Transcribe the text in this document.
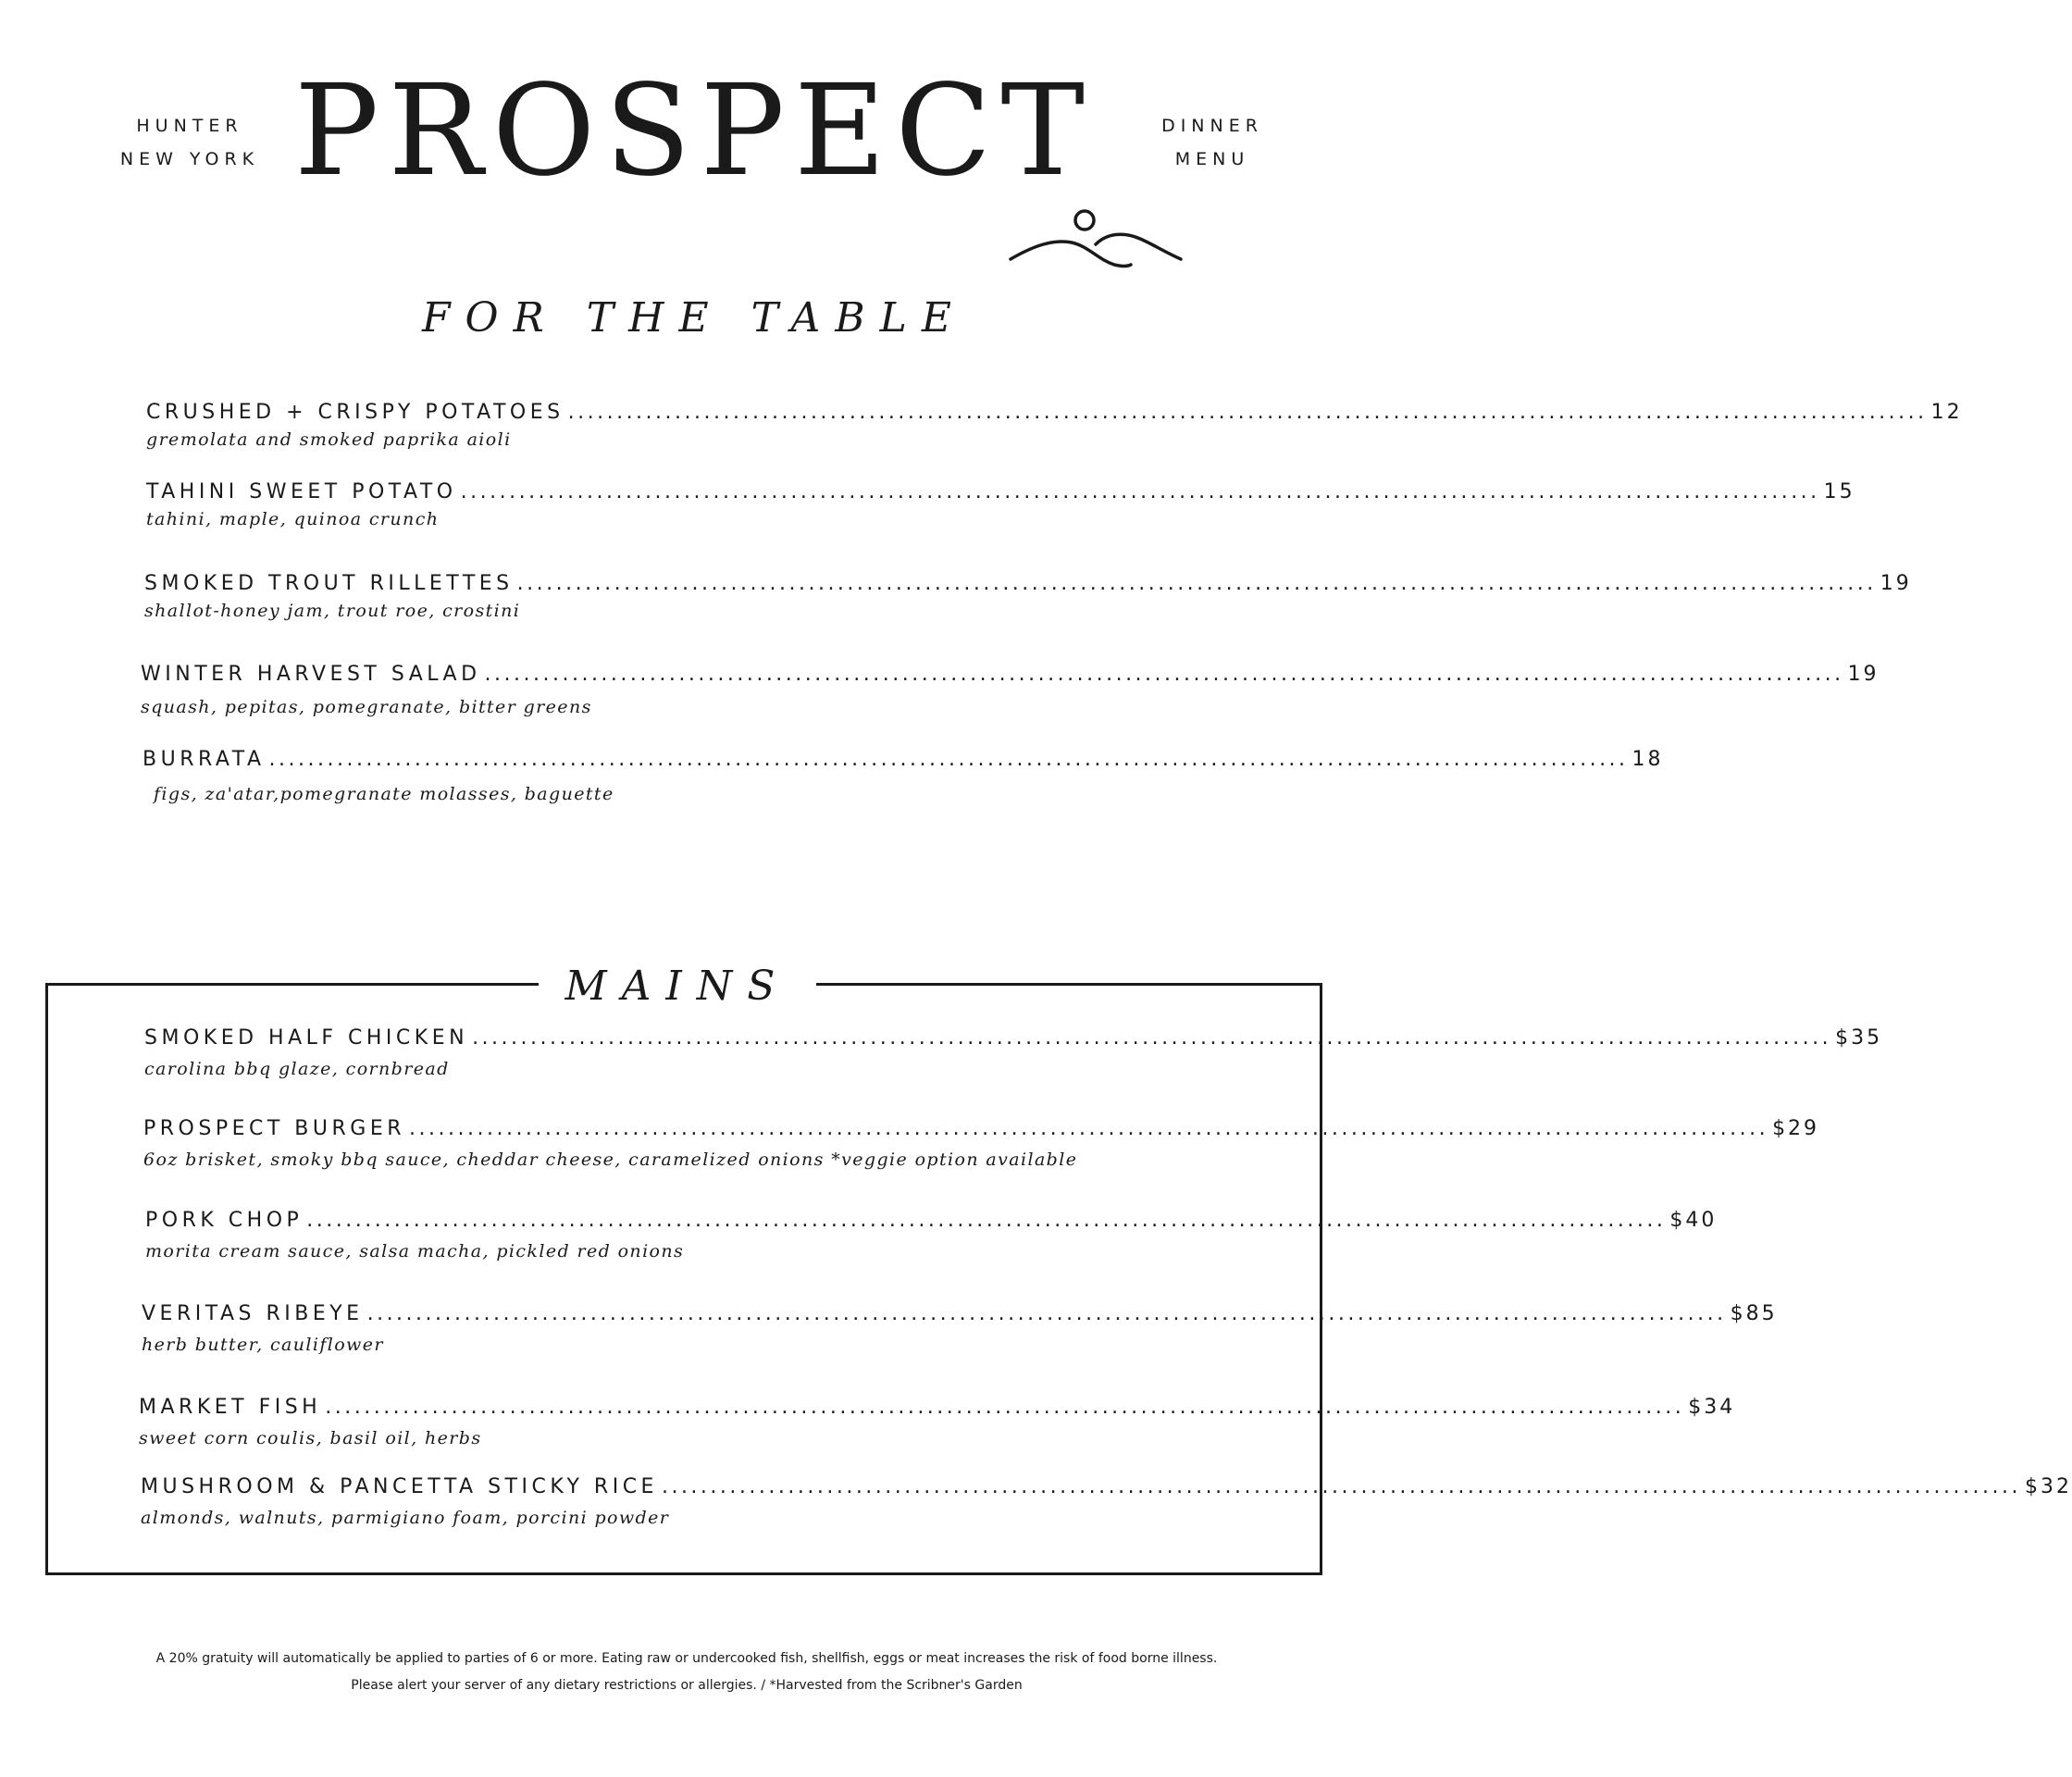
HUNTER
NEW YORK PROSPECT	DINNER
MENU
FOR THE TABLE
CRUSHED + CRISPY POTATOES ............................................................................................................................................ 12
gremolata and smoked paprika aioli
TAHINI SWEET POTATO ............................................................................................................................................ 15
tahini, maple, quinoa crunch
SMOKED TROUT RILLETTES ............................................................................................................................................ 19
shallot-honey jam, trout roe, crostini
WINTER HARVEST SALAD ............................................................................................................................................ 19
squash, pepitas, pomegranate, bitter greens
BURRATA ............................................................................................................................................ 18
figs, za'atar,pomegranate molasses, baguette
MAINS
SMOKED HALF CHICKEN ............................................................................................................................................ $35
carolina bbq glaze, cornbread
PROSPECT BURGER ............................................................................................................................................ $29
6oz brisket, smoky bbq sauce, cheddar cheese, caramelized onions *veggie option available
PORK CHOP ............................................................................................................................................ $40
morita cream sauce, salsa macha, pickled red onions
VERITAS RIBEYE ............................................................................................................................................ $85
herb butter, cauliflower
MARKET FISH ............................................................................................................................................ $34
sweet corn coulis, basil oil, herbs
MUSHROOM & PANCETTA STICKY RICE ............................................................................................................................................ $32
almonds, walnuts, parmigiano foam, porcini powder
A 20% gratuity will automatically be applied to parties of 6 or more. Eating raw or undercooked fish, shellfish, eggs or meat increases the risk of food borne illness.
Please alert your server of any dietary restrictions or allergies. / *Harvested from the Scribner's Garden
